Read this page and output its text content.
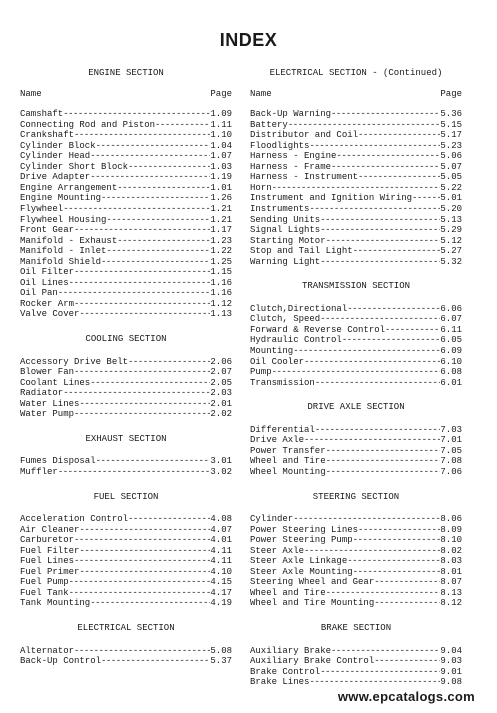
INDEX
ENGINE SECTION
Name	Page
Camshaft -----	1.09
Connecting Rod and Piston -----	1.11
Crankshaft -----	1.10
Cylinder Block -----	1.04
Cylinder Head -----	1.07
Cylinder Short Block -----	1.03
Drive Adapter -----	1.19
Engine Arrangement -----	1.01
Engine Mounting -----	1.26
Flywheel -----	1.21
Flywheel Housing -----	1.21
Front Gear -----	1.17
Manifold - Exhaust -----	1.23
Manifold - Inlet -----	1.22
Manifold Shield -----	1.25
Oil Filter -----	1.15
Oil Lines -----	1.16
Oil Pan -----	1.16
Rocker Arm -----	1.12
Valve Cover -----	1.13
COOLING SECTION
Accessory Drive Belt -----	2.06
Blower Fan -----	2.07
Coolant Lines -----	2.05
Radiator -----	2.03
Water Lines -----	2.01
Water Pump -----	2.02
EXHAUST SECTION
Fumes Disposal -----	3.01
Muffler -----	3.02
FUEL SECTION
Acceleration Control -----	4.08
Air Cleaner -----	4.07
Carburetor -----	4.01
Fuel Filter -----	4.11
Fuel Lines -----	4.11
Fuel Primer -----	4.10
Fuel Pump -----	4.15
Fuel Tank -----	4.17
Tank Mounting -----	4.19
ELECTRICAL SECTION
Alternator -----	5.08
Back-Up Control -----	5.37
ELECTRICAL SECTION - (Continued)
Name	Page
Back-Up Warning -----	5.36
Battery -----	5.15
Distributor and Coil -----	5.17
Floodlights -----	5.23
Harness - Engine -----	5.06
Harness - Frame -----	5.07
Harness - Instrument -----	5.05
Horn -----	5.22
Instrument and Ignition Wiring -----	5.01
Instruments -----	5.20
Sending Units -----	5.13
Signal Lights -----	5.29
Starting Motor -----	5.12
Stop and Tail Light -----	5.27
Warning Light -----	5.32
TRANSMISSION SECTION
Clutch,Directional -----	6.06
Clutch, Speed -----	6.07
Forward & Reverse Control -----	6.11
Hydraulic Control -----	6.05
Mounting -----	6.09
Oil Cooler -----	6.10
Pump -----	6.08
Transmission -----	6.01
DRIVE AXLE SECTION
Differential -----	7.03
Drive Axle -----	7.01
Power Transfer -----	7.05
Wheel and Tire -----	7.08
Wheel Mounting -----	7.06
STEERING SECTION
Cylinder -----	8.06
Power Steering Lines -----	8.09
Power Steering Pump -----	8.10
Steer Axle -----	8.02
Steer Axle Linkage -----	8.03
Steer Axle Mounting -----	8.01
Steering Wheel and Gear -----	8.07
Wheel and Tire -----	8.13
Wheel and Tire Mounting -----	8.12
BRAKE SECTION
Auxiliary Brake -----	9.04
Auxiliary Brake Control -----	9.03
Brake Control -----	9.01
Brake Lines -----	9.08
www.epcatalogs.com
